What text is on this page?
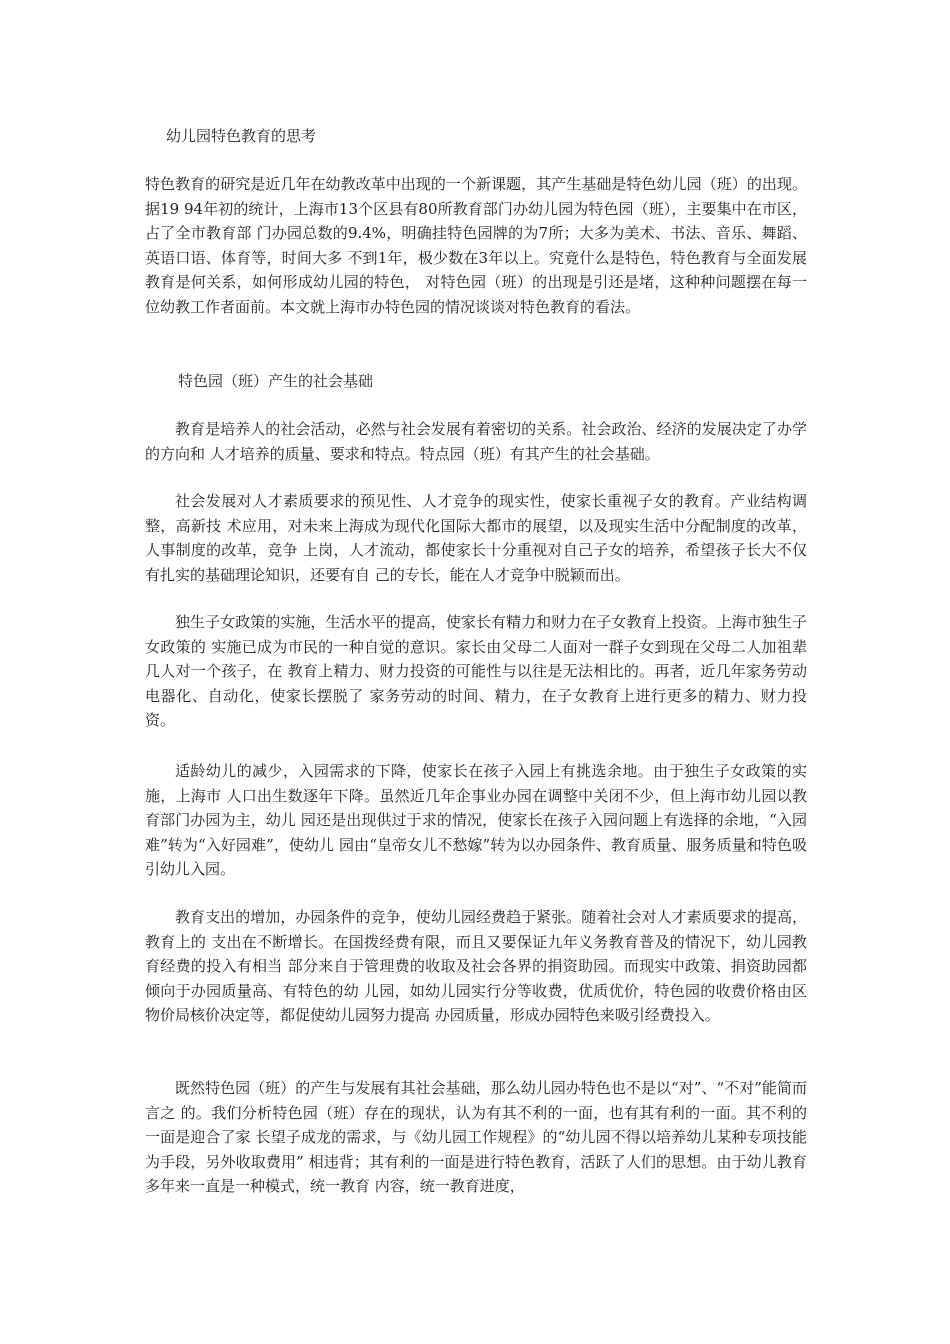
幼儿园特色教育的思考

特色教育的研究是近几年在幼教改革中出现的一个新课题，其产生基础是特色幼儿园（班）的出现。据19 94年初的统计，上海市13个区县有80所教育部门办幼儿园为特色园（班），主要集中在市区，占了全市教育部 门办园总数的9.4%，明确挂特色园牌的为7所；大多为美术、书法、音乐、舞蹈、英语口语、体育等，时间大多 不到1年，极少数在3年以上。究竟什么是特色，特色教育与全面发展教育是何关系，如何形成幼儿园的特色， 对特色园（班）的出现是引还是堵，这种种问题摆在每一位幼教工作者面前。本文就上海市办特色园的情况谈谈对特色教育的看法。

特色园（班）产生的社会基础

教育是培养人的社会活动，必然与社会发展有着密切的关系。社会政治、经济的发展决定了办学的方向和 人才培养的质量、要求和特点。特点园（班）有其产生的社会基础。

社会发展对人才素质要求的预见性、人才竞争的现实性，使家长重视子女的教育。产业结构调整，高新技 术应用，对未来上海成为现代化国际大都市的展望，以及现实生活中分配制度的改革，人事制度的改革，竞争 上岗，人才流动，都使家长十分重视对自己子女的培养，希望孩子长大不仅有扎实的基础理论知识，还要有自 己的专长，能在人才竞争中脱颖而出。

独生子女政策的实施，生活水平的提高，使家长有精力和财力在子女教育上投资。上海市独生子女政策的 实施已成为市民的一种自觉的意识。家长由父母二人面对一群子女到现在父母二人加祖辈几人对一个孩子，在 教育上精力、财力投资的可能性与以往是无法相比的。再者，近几年家务劳动电器化、自动化，使家长摆脱了 家务劳动的时间、精力，在子女教育上进行更多的精力、财力投资。

适龄幼儿的减少，入园需求的下降，使家长在孩子入园上有挑选余地。由于独生子女政策的实施，上海市 人口出生数逐年下降。虽然近几年企事业办园在调整中关闭不少，但上海市幼儿园以教育部门办园为主，幼儿 园还是出现供过于求的情况，使家长在孩子入园问题上有选择的余地，“入园难”转为“入好园难”，使幼儿 园由“皇帝女儿不愁嫁”转为以办园条件、教育质量、服务质量和特色吸引幼儿入园。

教育支出的增加，办园条件的竞争，使幼儿园经费趋于紧张。随着社会对人才素质要求的提高，教育上的 支出在不断增长。在国拨经费有限，而且又要保证九年义务教育普及的情况下，幼儿园教育经费的投入有相当 部分来自于管理费的收取及社会各界的捐资助园。而现实中政策、捐资助园都倾向于办园质量高、有特色的幼 儿园，如幼儿园实行分等收费，优质优价，特色园的收费价格由区物价局核价决定等，都促使幼儿园努力提高 办园质量，形成办园特色来吸引经费投入。

既然特色园（班）的产生与发展有其社会基础，那么幼儿园办特色也不是以“对”、“不对”能简而言之 的。我们分析特色园（班）存在的现状，认为有其不利的一面，也有其有利的一面。其不利的一面是迎合了家 长望子成龙的需求，与《幼儿园工作规程》的“幼儿园不得以培养幼儿某种专项技能为手段，另外收取费用” 相违背；其有利的一面是进行特色教育，活跃了人们的思想。由于幼儿教育多年来一直是一种模式，统一教育 内容，统一教育进度，
